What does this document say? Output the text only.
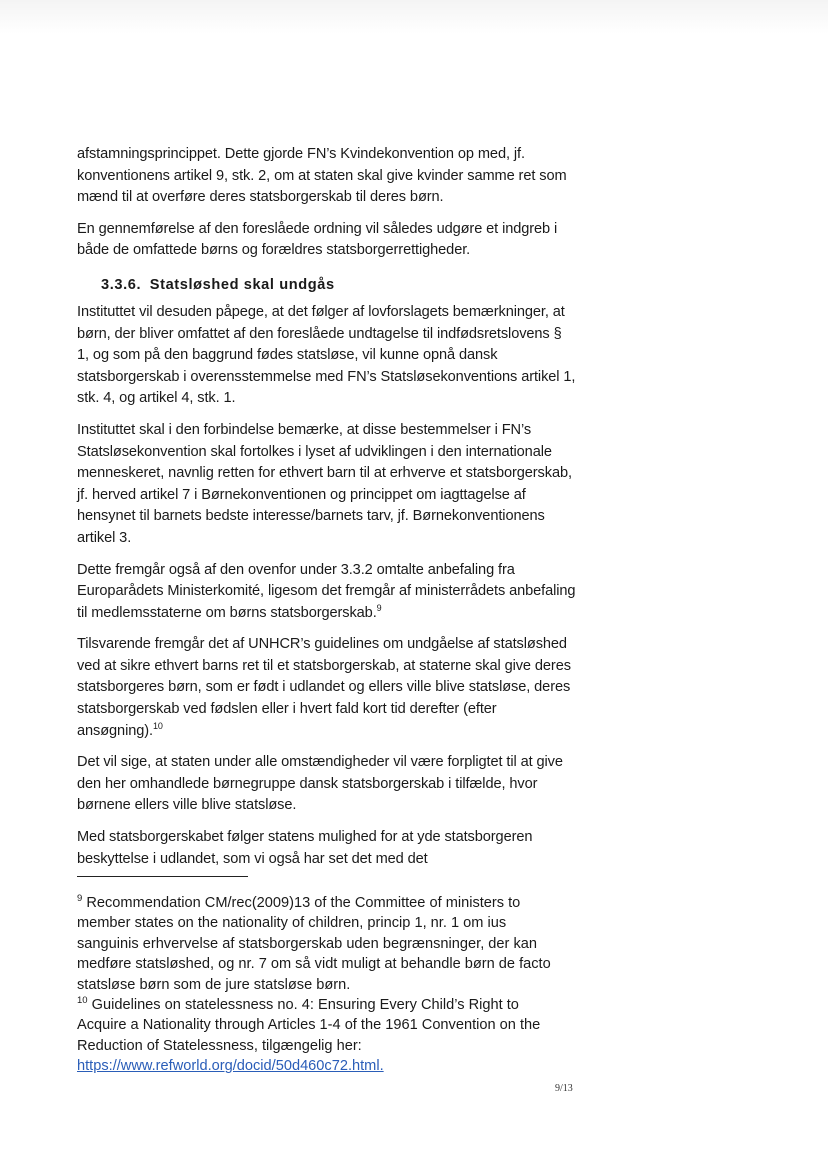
afstamningsprincippet. Dette gjorde FN’s Kvindekonvention op med, jf. konventionens artikel 9, stk. 2, om at staten skal give kvinder samme ret som mænd til at overføre deres statsborgerskab til deres børn.

En gennemførelse af den foreslåede ordning vil således udgøre et indgreb i både de omfattede børns og forældres statsborgerrettigheder.

3.3.6. Statsløshed skal undgås

Instituttet vil desuden påpege, at det følger af lovforslagets bemærkninger, at børn, der bliver omfattet af den foreslåede undtagelse til indfødsretslovens § 1, og som på den baggrund fødes statsløse, vil kunne opnå dansk statsborgerskab i overensstemmelse med FN’s Statsløsekonventions artikel 1, stk. 4, og artikel 4, stk. 1.

Instituttet skal i den forbindelse bemærke, at disse bestemmelser i FN’s Statsløsekonvention skal fortolkes i lyset af udviklingen i den internationale menneskeret, navnlig retten for ethvert barn til at erhverve et statsborgerskab, jf. herved artikel 7 i Børnekonventionen og princippet om iagttagelse af hensynet til barnets bedste interesse/barnets tarv, jf. Børnekonventionens artikel 3.

Dette fremgår også af den ovenfor under 3.3.2 omtalte anbefaling fra Europarådets Ministerkomité, ligesom det fremgår af ministerrådets anbefaling til medlemsstaterne om børns statsborgerskab.$^9$

Tilsvarende fremgår det af UNHCR’s guidelines om undgåelse af statsløshed ved at sikre ethvert barns ret til et statsborgerskab, at staterne skal give deres statsborgeres børn, som er født i udlandet og ellers ville blive statsløse, deres statsborgerskab ved fødslen eller i hvert fald kort tid derefter (efter ansøgning).$^{10}$

Det vil sige, at staten under alle omstændigheder vil være forpligtet til at give den her omhandlede børnegruppe dansk statsborgerskab i tilfælde, hvor børnene ellers ville blive statsløse.

Med statsborgerskabet følger statens mulighed for at yde statsborgeren beskyttelse i udlandet, som vi også har set det med det

$^9$ Recommendation CM/rec(2009)13 of the Committee of ministers to member states on the nationality of children, princip 1, nr. 1 om ius sanguinis erhvervelse af statsborgerskab uden begrænsninger, der kan medføre statsløshed, og nr. 7 om så vidt muligt at behandle børn de facto statsløse børn som de jure statsløse børn.

$^{10}$ Guidelines on statelessness no. 4: Ensuring Every Child’s Right to Acquire a Nationality through Articles 1-4 of the 1961 Convention on the Reduction of Statelessness, tilgængelig her: https://www.refworld.org/docid/50d460c72.html.

9/13
